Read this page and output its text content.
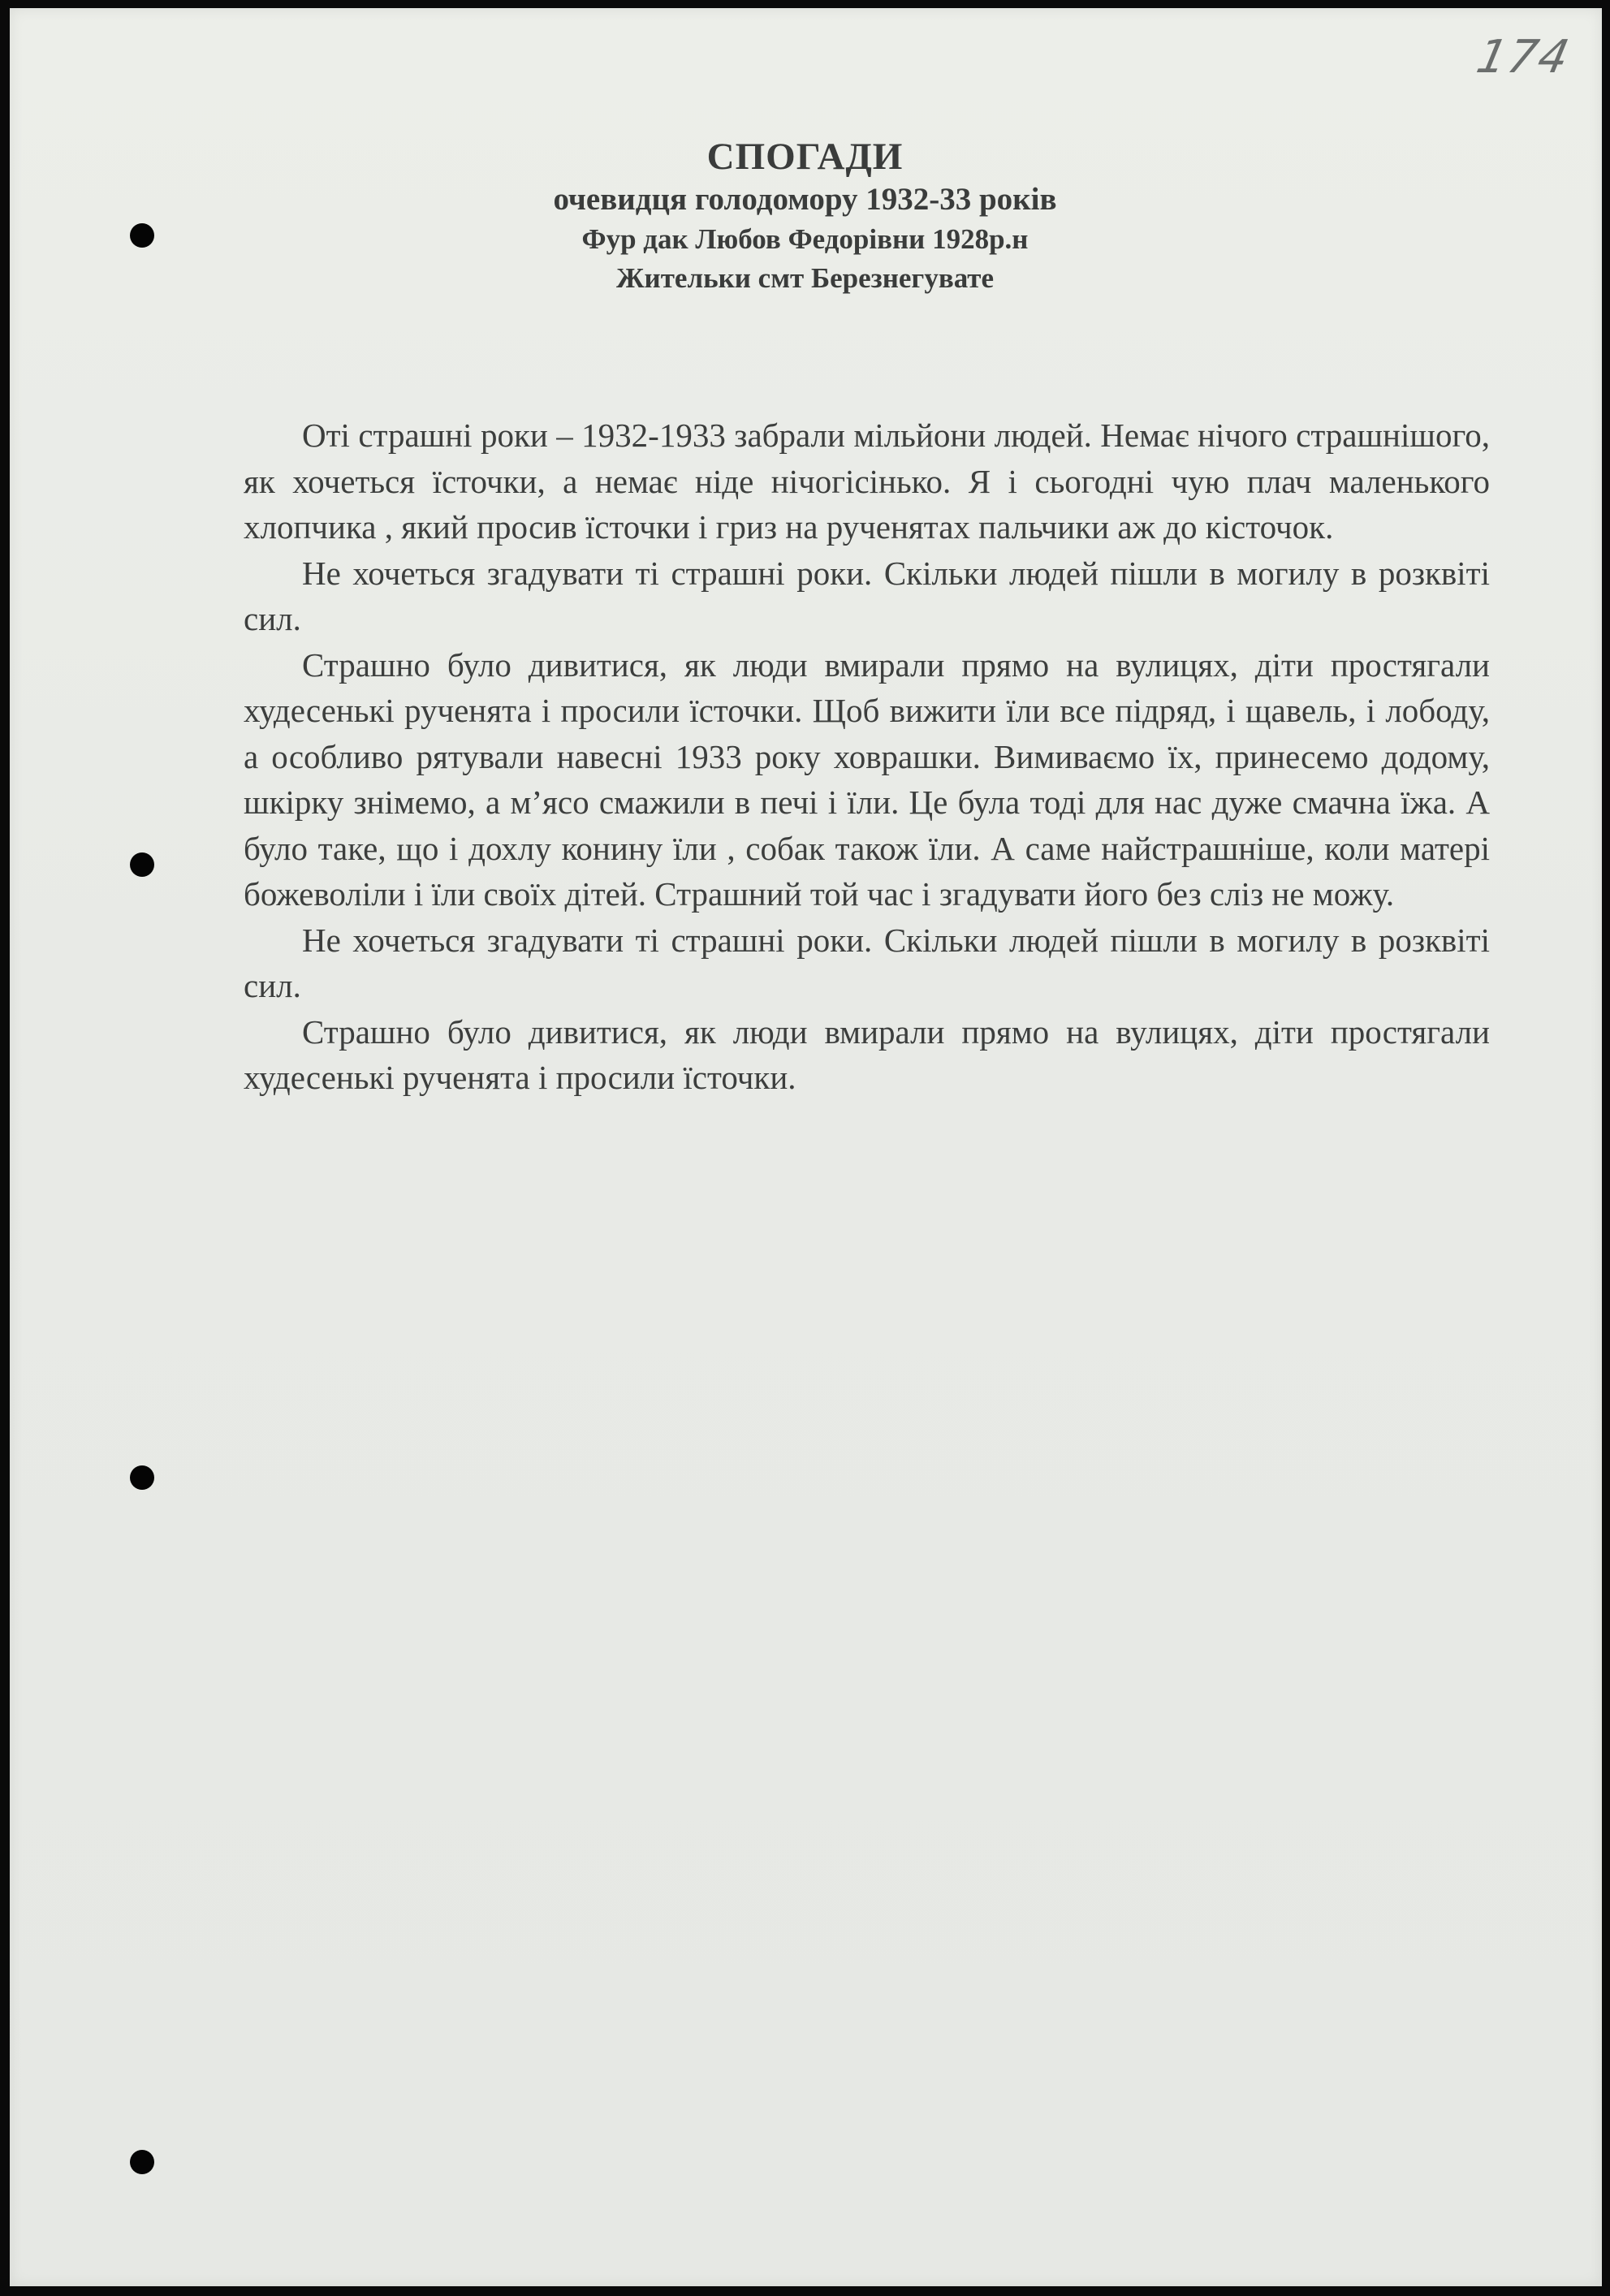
174
СПОГАДИ
очевидця голодомору 1932-33 років
Фур дак Любов Федорівни 1928р.н
Жительки смт Березнегувате

Оті страшні роки – 1932-1933 забрали мільйони людей. Немає нічого страшнішого, як хочеться їсточки, а немає ніде нічогісінько. Я і сьогодні чую плач маленького хлопчика , який просив їсточки і гриз на рученятах пальчики аж до кісточок.

Не хочеться згадувати ті страшні роки. Скільки людей пішли в могилу в розквіті сил.

Страшно було дивитися, як люди вмирали прямо на вулицях, діти простягали худесенькі рученята і просили їсточки. Щоб вижити їли все підряд, і щавель, і лободу, а особливо рятували навесні 1933 року ховрашки. Вимиваємо їх, принесемо додому, шкірку знімемо, а м’ясо смажили в печі і їли. Це була тоді для нас дуже смачна їжа. А було таке, що і дохлу конину їли , собак також їли. А саме найстрашніше, коли матері божеволіли і їли своїх дітей. Страшний той час і згадувати його без сліз не можу.

Не хочеться згадувати ті страшні роки. Скільки людей пішли в могилу в розквіті сил.

Страшно було дивитися, як люди вмирали прямо на вулицях, діти простягали худесенькі рученята і просили їсточки.
